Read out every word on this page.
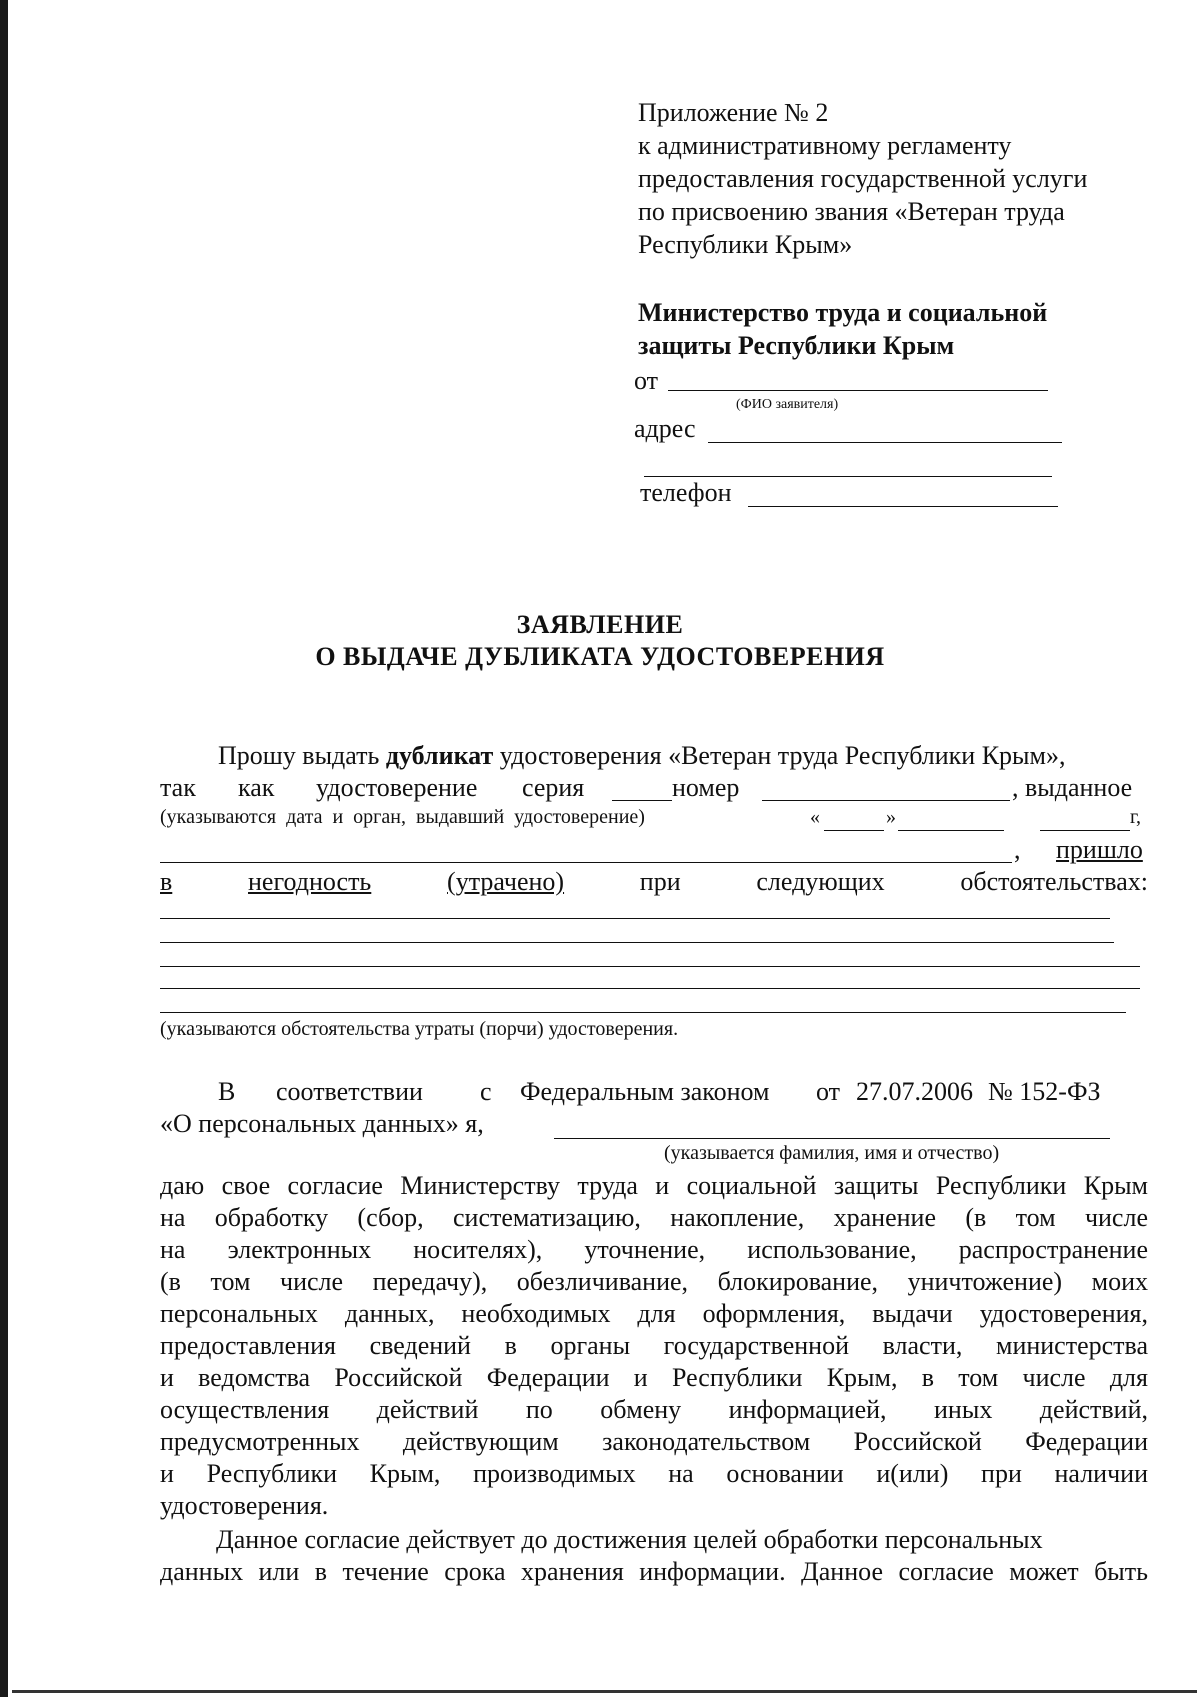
Приложение № 2
к административному регламенту
предоставления государственной услуги
по присвоению звания «Ветеран труда
Республики Крым»
Министерство труда и социальной
защиты Республики Крым
от
(ФИО заявителя)
адрес
телефон
ЗАЯВЛЕНИЕ
О ВЫДАЧЕ ДУБЛИКАТА УДОСТОВЕРЕНИЯ
Прошу выдать дубликат удостоверения «Ветеран труда Республики Крым»,
так как удостоверение серия	номер	, выданное
(указываются дата и орган, выдавший удостоверение)	«	»	г,
, пришло
в	негодность	(утрачено)	при	следующих	обстоятельствах:
(указываются обстоятельства утраты (порчи) удостоверения.
В соответствии с Федеральным законом от 27.07.2006 № 152-ФЗ
«О персональных данных» я,
(указывается фамилия, имя и отчество)
даю свое согласие Министерству труда и социальной защиты Республики Крым
на обработку (сбор, систематизацию, накопление, хранение (в том числе
на электронных носителях), уточнение, использование, распространение
(в том числе передачу), обезличивание, блокирование, уничтожение) моих
персональных данных, необходимых для оформления, выдачи удостоверения,
предоставления сведений в органы государственной власти, министерства
и ведомства Российской Федерации и Республики Крым, в том числе для
осуществления действий по обмену информацией, иных действий,
предусмотренных действующим законодательством Российской Федерации
и Республики Крым, производимых на основании и(или) при наличии
удостоверения.
Данное согласие действует до достижения целей обработки персональных
данных или в течение срока хранения информации. Данное согласие может быть
